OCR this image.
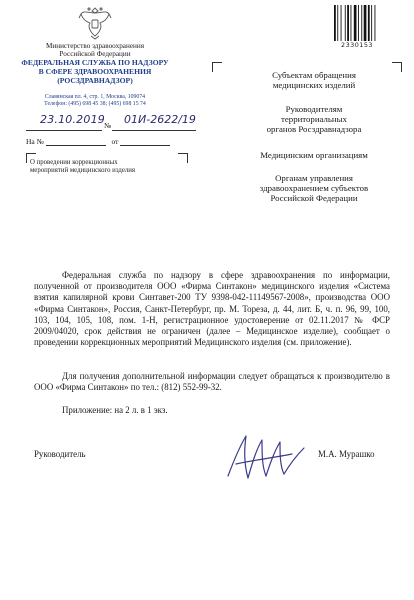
Министерство здравоохранения
Российской Федерации
ФЕДЕРАЛЬНАЯ СЛУЖБА ПО НАДЗОРУ
В СФЕРЕ ЗДРАВООХРАНЕНИЯ
(РОСЗДРАВНАДЗОР)
Славянская пл. 4, стр. 1, Москва, 109074
Телефон: (495) 698 45 38; (495) 698 15 74
23.10.2019 № 01И-2622/19
На №	от
О проведении коррекционных
мероприятий медицинского изделия
2330153
Субъектам обращения
медицинских изделий
Руководителям
территориальных
органов Росздравнадзора
Медицинским организациям
Органам управления
здравоохранением субъектов
Российской Федерации
Федеральная служба по надзору в сфере здравоохранения по информации, полученной от производителя ООО «Фирма Синтакон» медицинского изделия «Система взятия капилярной крови Синтавет-200 ТУ 9398-042-11149567-2008», производства ООО «Фирма Синтакон», Россия, Санкт-Петербург, пр. М. Тореза, д. 44, лит. Б, ч. п. 96, 99, 100, 103, 104, 105, 108, пом. 1-Н, регистрационное удостоверение от 02.11.2017 № ФСР 2009/04020, срок действия не ограничен (далее – Медицинское изделие), сообщает о проведении коррекционных мероприятий Медицинского изделия (см. приложение).
Для получения дополнительной информации следует обращаться к производителю в ООО «Фирма Синтакон» по тел.: (812) 552-99-32.
Приложение: на 2 л. в 1 экз.
Руководитель	М.А. Мурашко
